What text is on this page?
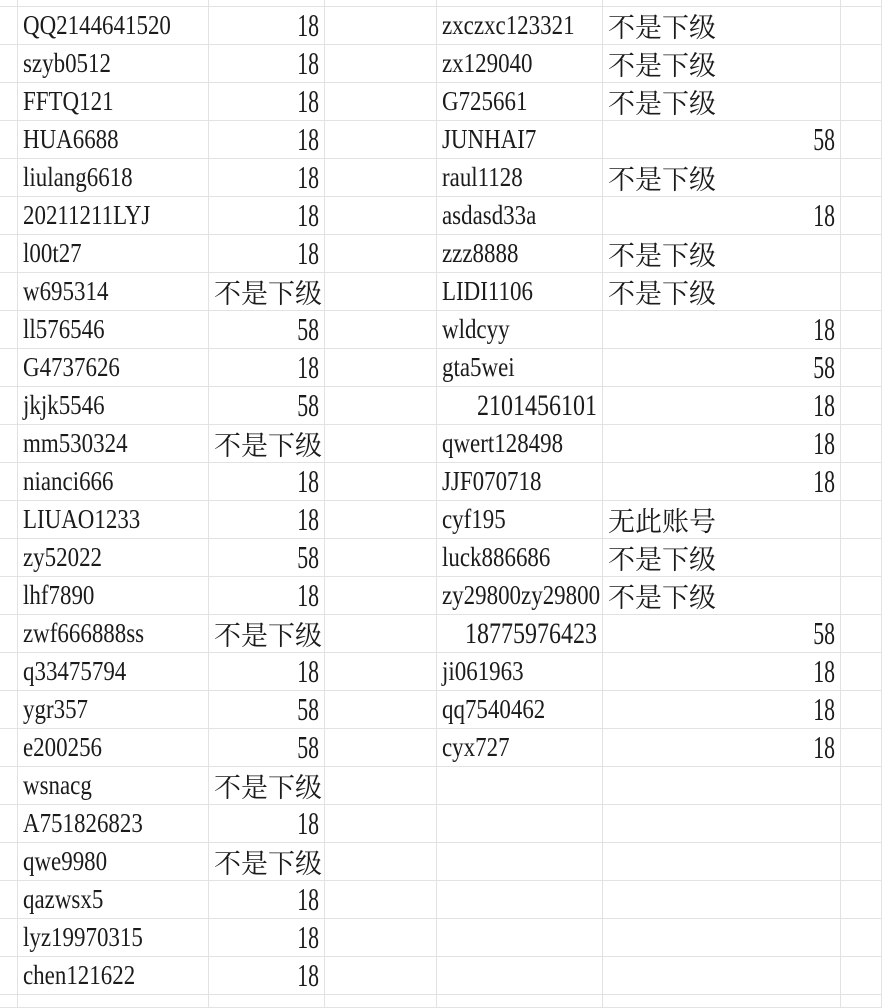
QQ2144641520	18	zxczxc123321 不是下级
szyb0512	18	zx129040	不是下级
FFTQ121	18	G725661	不是下级
HUA6688	18	JUNHAI7	58
liulang6618	18	raul1128	不是下级
20211211LYJ	18	asdasd33a	18
l00t27	18	zzz8888	不是下级
w695314	不是下级	LIDI1106	不是下级
ll576546	58	wldcyy	18
G4737626	18	gta5wei	58
jkjk5546	58	2101456101	18
mm530324	不是下级	qwert128498	18
nianci666	18	JJF070718	18
LIUAO1233	18	cyf195	无此账号
zy52022	58	luck886686 不是下级
lhf7890	18	zy29800zy29800 不是下级
zwf666888ss	不是下级	18775976423	58
q33475794	18	ji061963	18
ygr357	58	qq7540462	18
e200256	58	cyx727	18
wsnacg	不是下级
A751826823	18
qwe9980	不是下级
qazwsx5	18
lyz19970315	18
chen121622	18
